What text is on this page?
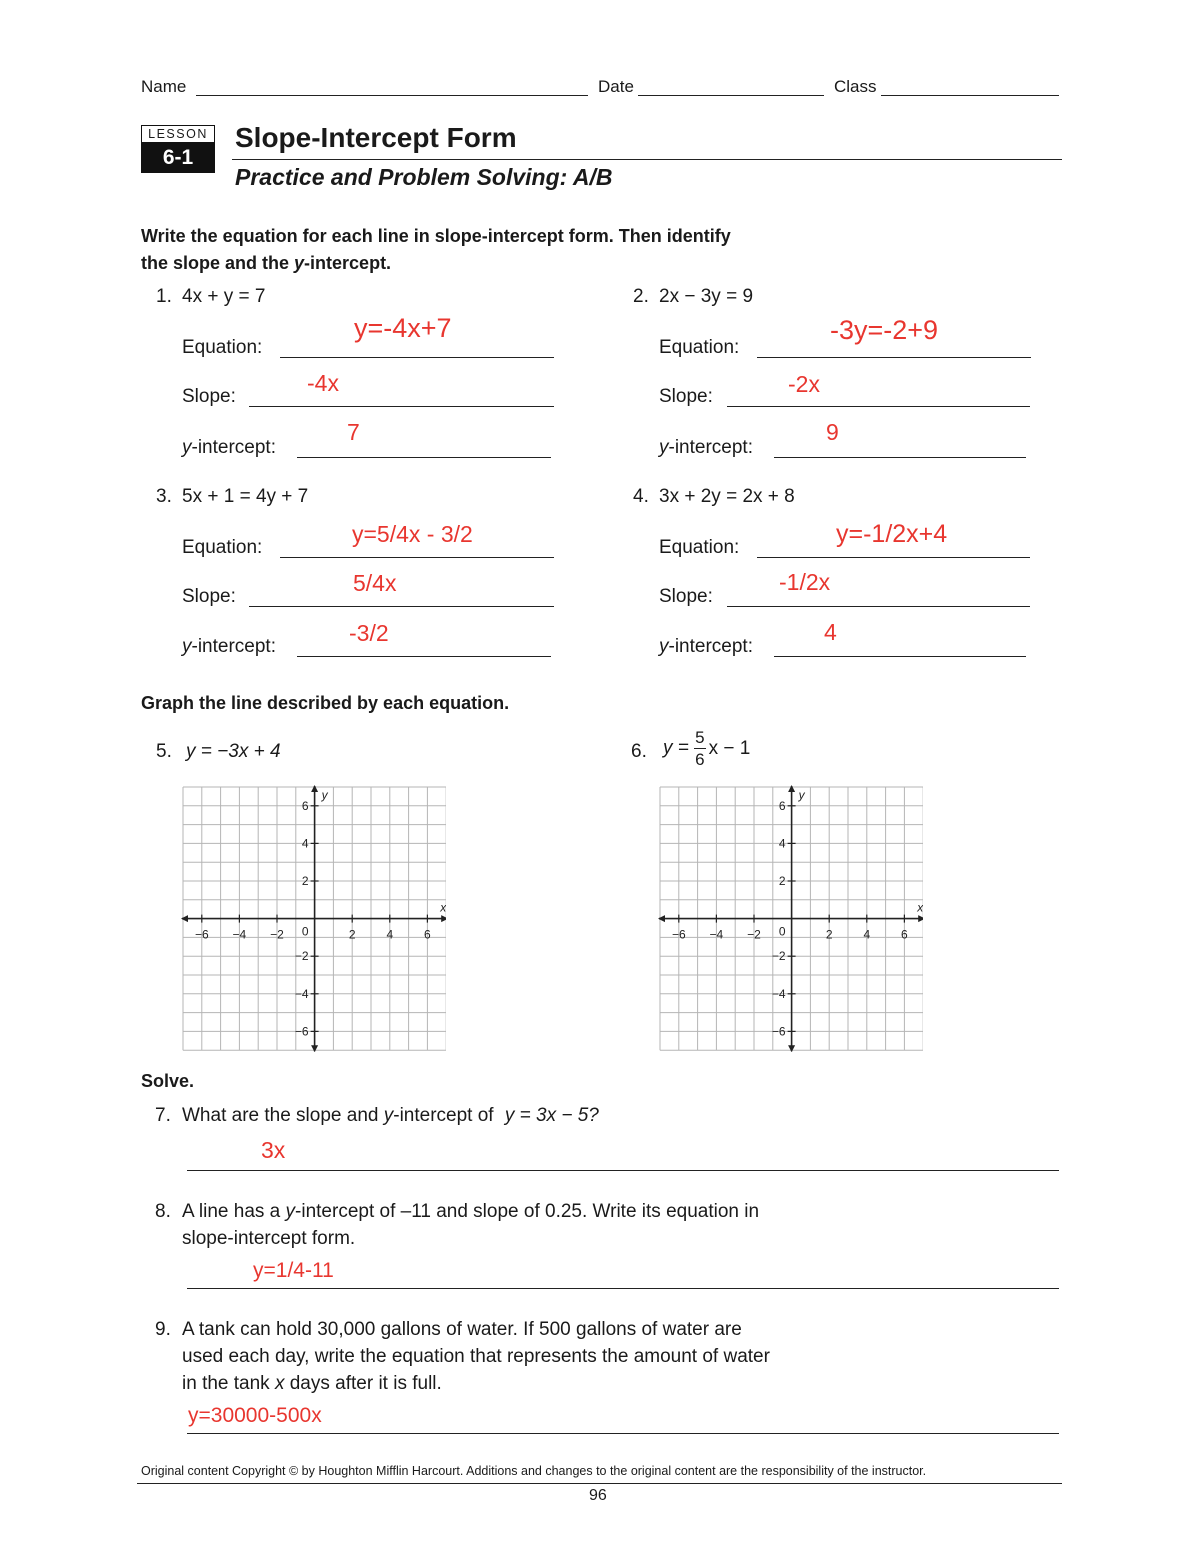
Name	Date	Class
LESSON
6-1
Slope-Intercept Form
Practice and Problem Solving: A/B
Write the equation for each line in slope-intercept form. Then identify
the slope and the y-intercept.
1. 4x + y = 7
Equation:
y=-4x+7
Slope:
-4x
y-intercept:
7
2. 2x − 3y = 9
Equation:
-3y=-2+9
Slope:	-2x
y-intercept:
9
3. 5x + 1 = 4y + 7
Equation:
y=5/4x - 3/2
Slope:
5/4x
y-intercept:
-3/2
4. 3x + 2y = 2x + 8
Equation:	y=-1/2x+4
Slope:
-1/2x
y-intercept:
4
Graph the line described by each equation.
5. y = −3x + 4	6. $y = \frac{5}{6}$ x − 1
−6 −4 −2	2	4	6
6
4
2
−2
−4
−6
0
x
y
−6 −4 −2	2	4	6
6
4
2
−2
−4
−6
0
x
y
Solve.
7. What are the slope and y-intercept of y = 3x − 5?
3x
8. A line has a y-intercept of –11 and slope of 0.25. Write its equation in
slope-intercept form.
y=1/4-11
9. A tank can hold 30,000 gallons of water. If 500 gallons of water are
used each day, write the equation that represents the amount of water
in the tank x days after it is full.
y=30000-500x
Original content Copyright © by Houghton Mifflin Harcourt. Additions and changes to the original content are the responsibility of the instructor.
96
